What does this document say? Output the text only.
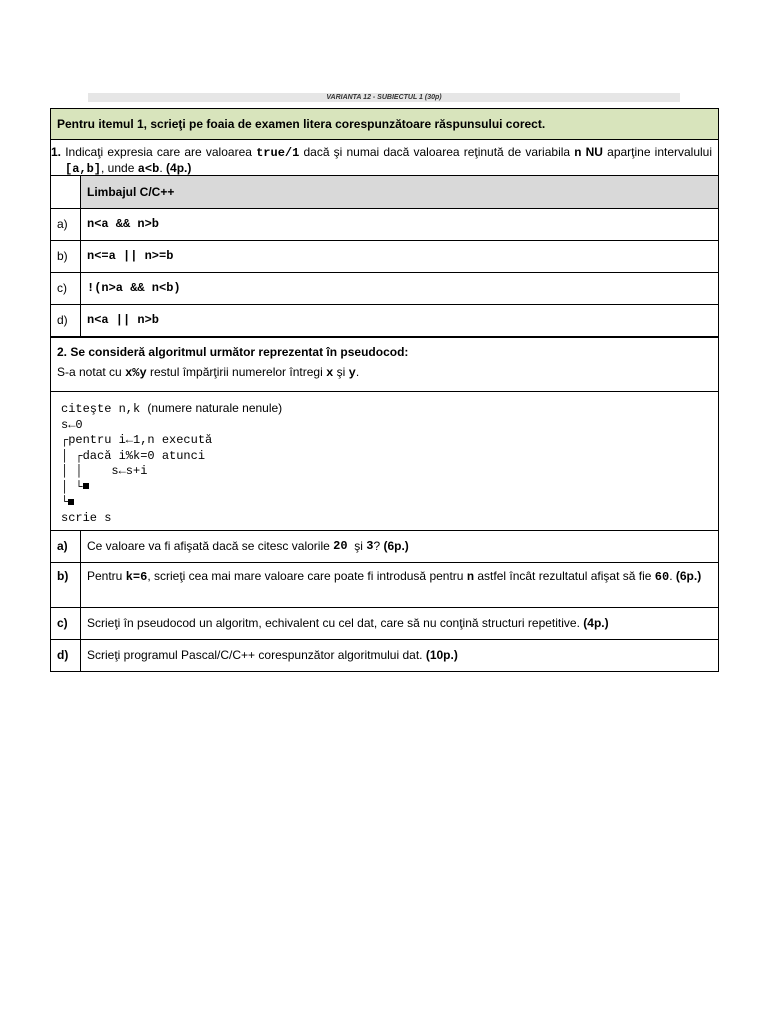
VARIANTA 12 - SUBIECTUL 1 (30p)
Pentru itemul 1, scrieţi pe foaia de examen litera corespunzătoare răspunsului corect.
1. Indicaţi expresia care are valoarea true/1 dacă şi numai dacă valoarea reţinută de variabila n NU aparţine intervalului [a,b], unde a<b. (4p.)
Limbajul C/C++
a)	n<a && n>b
b)	n<=a || n>=b
c)	!(n>a && n<b)
d)	n<a || n>b
2. Se consideră algoritmul următor reprezentat în pseudocod:
S-a notat cu x%y restul împărţirii numerelor întregi x şi y.
citeşte n,k (numere naturale nenule)
s←0
┌pentru i←1,n execută
│ ┌dacă i%k=0 atunci
│ │    s←s+i
│ └
└
scrie s
a)	Ce valoare va fi afişată dacă se citesc valorile
20
şi
3 ?
(6p.)
b)	Pentru k=6, scrieţi cea mai mare valoare care poate fi introdusă pentru n astfel încât rezultatul afişat să fie 60. (6p.)
c)	Scrieţi în pseudocod un algoritm, echivalent cu cel dat, care să nu conţină structuri repetitive.
(4p.)
d)	Scrieţi programul Pascal/C/C++ corespunzător algoritmului dat.
(10p.)
